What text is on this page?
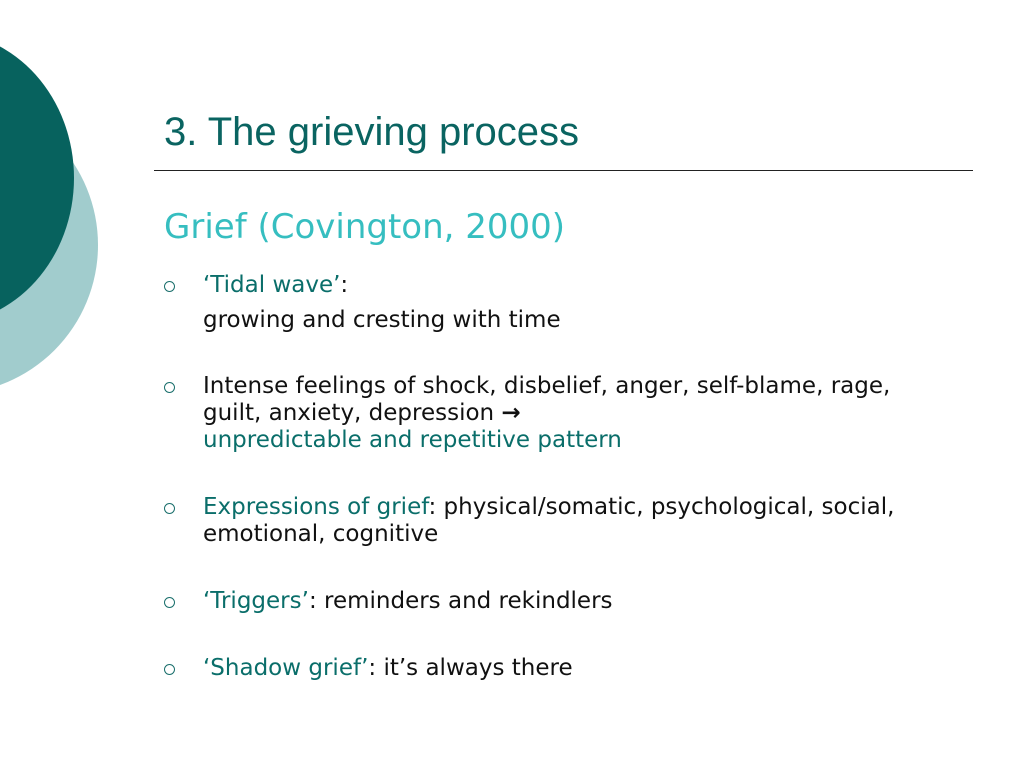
3. The grieving process
Grief (Covington, 2000)
‘Tidal wave’:
growing and cresting with time
Intense feelings of shock, disbelief, anger, self-blame, rage, guilt, anxiety, depression →
unpredictable and repetitive pattern
Expressions of grief: physical/somatic, psychological, social, emotional, cognitive
‘Triggers’: reminders and rekindlers
‘Shadow grief’: it’s always there
